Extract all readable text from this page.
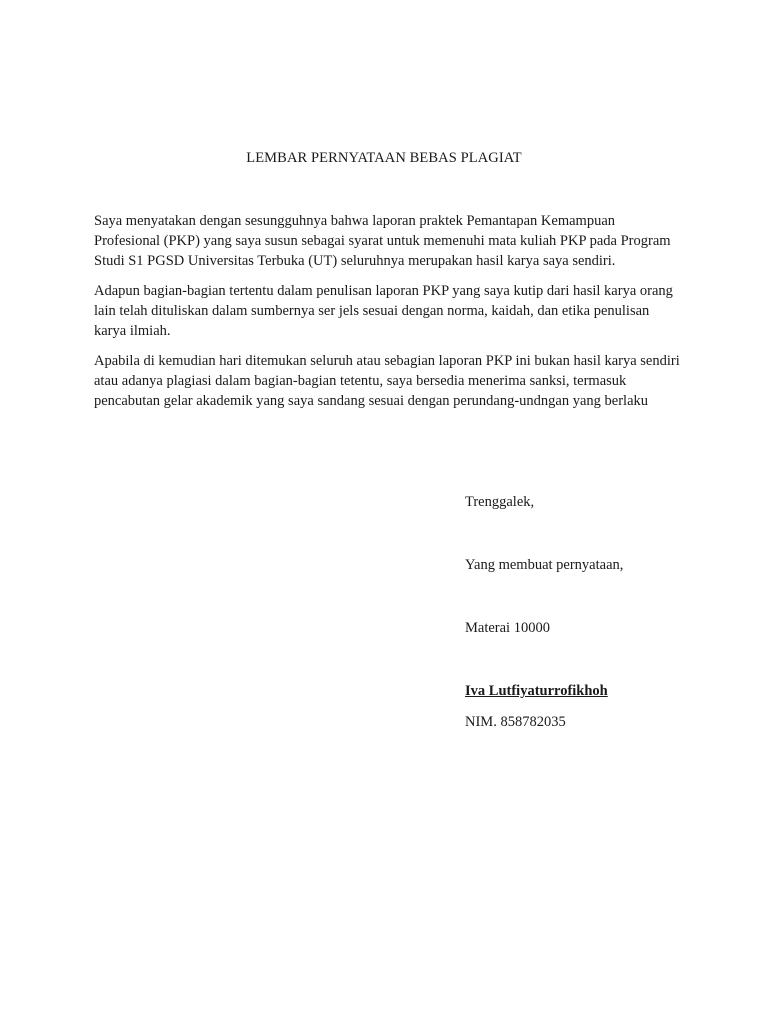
LEMBAR PERNYATAAN BEBAS PLAGIAT

Saya menyatakan dengan sesungguhnya bahwa laporan praktek Pemantapan Kemampuan Profesional (PKP) yang saya susun sebagai syarat untuk memenuhi mata kuliah PKP pada Program Studi S1 PGSD Universitas Terbuka (UT) seluruhnya merupakan hasil karya saya sendiri.

Adapun bagian-bagian tertentu dalam penulisan laporan PKP yang saya kutip dari hasil karya orang lain telah dituliskan dalam sumbernya ser jels sesuai dengan norma, kaidah, dan etika penulisan karya ilmiah.

Apabila di kemudian hari ditemukan seluruh atau sebagian laporan PKP ini bukan hasil karya sendiri atau adanya plagiasi dalam bagian-bagian tetentu, saya bersedia menerima sanksi, termasuk pencabutan gelar akademik yang saya sandang sesuai dengan perundang-undngan yang berlaku

Trenggalek,

Yang membuat pernyataan,

Materai 10000

Iva Lutfiyaturrofikhoh

NIM. 858782035
